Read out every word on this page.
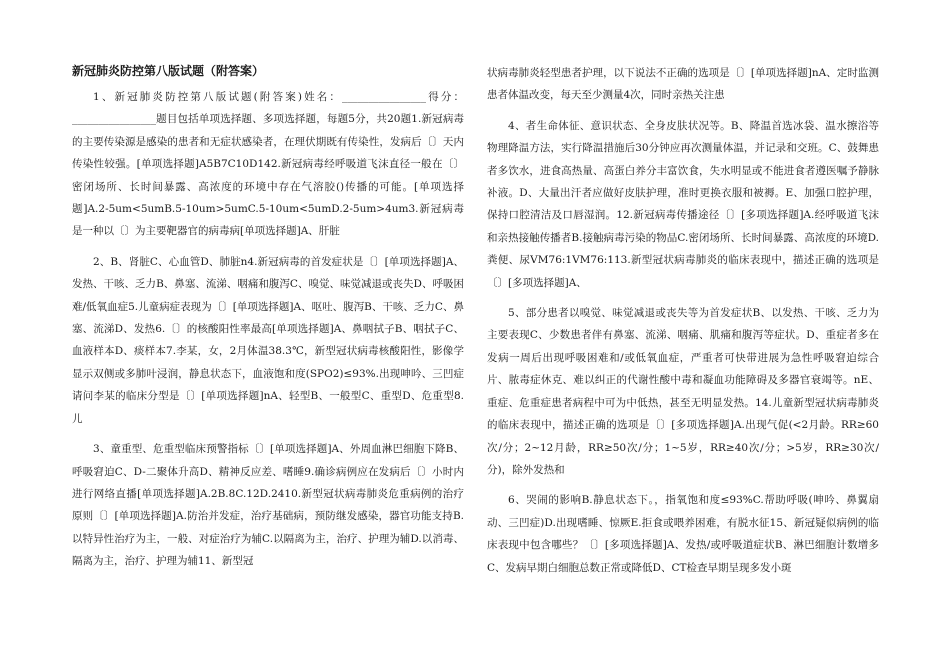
新冠肺炎防控第八版试题（附答案）

1、新冠肺炎防控第八版试题(附答案)姓名：________________得分：________________题目包括单项选择题、多项选择题，每题5分，共20题1.新冠病毒的主要传染源是感染的患者和无症状感染者，在理伏期既有传染性，发病后〔〕天内传染性较强。[单项选择题]A5B7C10D142.新冠病毒经呼吸道飞沫直径一般在〔〕密闭场所、长时间暴露、高浓度的环境中存在气溶胶()传播的可能。[单项选择题]A.2-5um<5umB.5-10um>5umC.5-10um<5umD.2-5um>4um3.新冠病毒是一种以〔〕为主要靶器官的病毒病[单项选择题]A、肝脏

2、B、肾脏C、心血管D、肺脏n4.新冠病毒的首发症状是〔〕[单项选择题]A、发热、干咳、乏力B、鼻塞、流涕、咽痛和腹泻C、嗅觉、味觉减退或丧失D、呼吸困难/低氧血症5.儿童病症表现为〔〕[单项选择题]A、呕吐、腹泻B、干咳、乏力C、鼻塞、流涕D、发热6.〔〕的核酸阳性率最高[单项选择题]A、鼻咽拭子B、咽拭子C、血液样本D、痰样本7.李某，女，2月体温38.3℃，新型冠状病毒核酸阳性，影像学显示双侧或多肺叶浸润，静息状态下，血液饱和度(SPO2)≤93%.出现呻吟、三凹症请问李某的临床分型是〔〕[单项选择题]nA、轻型B、一般型C、重型D、危重型8.儿

3、童重型、危重型临床预警指标〔〕[单项选择题]A、外周血淋巴细胞下降B、呼吸窘迫C、D-二聚体升高D、精神反应差、嗜睡9.确诊病例应在发病后〔〕小时内进行网络直播[单项选择题]A.2B.8C.12D.2410.新型冠状病毒肺炎危重病例的治疗原则〔〕[单项选择题]A.防治并发症，治疗基础病，预防继发感染，器官功能支持B.以特异性治疗为主，一般、对症治疗为辅C.以隔离为主，治疗、护理为辅D.以消毒、隔离为主，治疗、护理为辅11、新型冠

状病毒肺炎轻型患者护理，以下说法不正确的选项是〔〕[单项选择题]nA、定时监测患者体温改变，每天至少测量4次，同时亲热关注患

4、者生命体征、意识状态、全身皮肤状况等。B、降温首选冰袋、温水擦浴等物理降温方法，实行降温措施后30分钟应再次测量体温，并记录和交班。C、鼓舞患者多饮水，进食高热量、高蛋白养分丰富饮食，失水明显或不能进食者遵医嘱予静脉补液。D、大量出汗者应做好皮肤护理，准时更换衣服和被褥。E、加强口腔护理，保持口腔清洁及口唇湿润。12.新冠病毒传播途径〔〕[多项选择题]A.经呼吸道飞沫和亲热接触传播者B.接触病毒污染的物品C.密闭场所、长时间暴露、高浓度的环境D.粪便、尿VM76:1VM76:113.新型冠状病毒肺炎的临床表现中，描述正确的选项是〔〕[多项选择题]A、

5、部分患者以嗅觉、味觉减退或丧失等为首发症状B、以发热、干咳、乏力为主要表现C、少数患者伴有鼻塞、流涕、咽痛、肌痛和腹泻等症状。D、重症者多在发病一周后出现呼吸困难和/或低氧血症，严重者可快带进展为急性呼吸窘迫综合片、脓毒症休克、难以纠正的代谢性酸中毒和凝血功能障碍及多器官衰竭等。nE、重症、危重症患者病程中可为中低热，甚至无明显发热。14.儿童新型冠状病毒肺炎的临床表现中，描述正确的选项是〔〕[多项选择题]A.出现气促(<2月龄。RR≥60次/分；2~12月龄，RR≥50次/分；1~5岁，RR≥40次/分；>5岁，RR≥30次/分)，除外发热和

6、哭闹的影响B.静息状态下。，指氧饱和度≤93%C.帮助呼吸(呻吟、鼻翼扇动、三凹症)D.出现嗜睡、惊厥E.拒食或喂养困难，有脱水征15、新冠疑似病例的临床表现中包含哪些？〔〕[多项选择题]A、发热/或呼吸道症状B、淋巴细胞计数增多C、发病早期白细胞总数正常或降低D、CT检查早期呈现多发小斑
